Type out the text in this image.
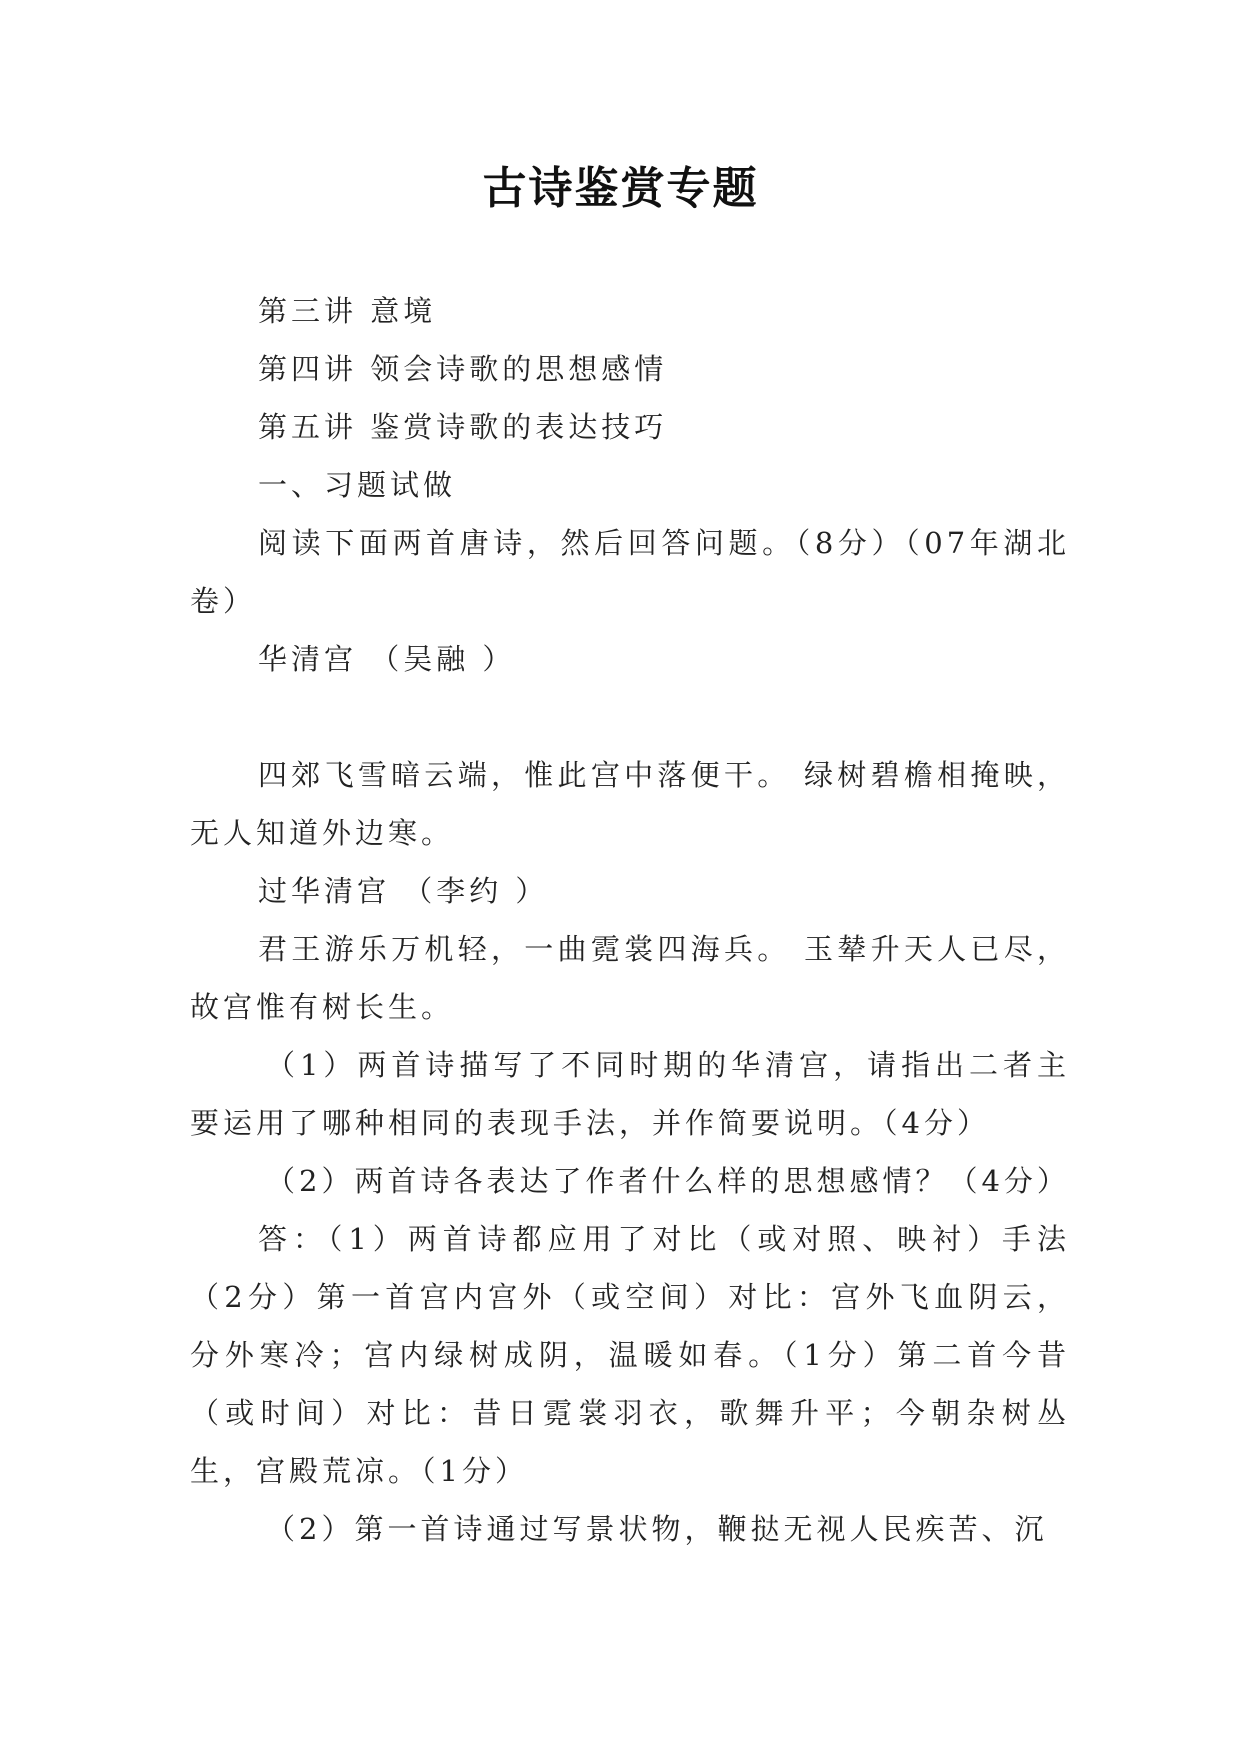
古诗鉴赏专题

第三讲 意境

第四讲 领会诗歌的思想感情

第五讲 鉴赏诗歌的表达技巧

一、习题试做

阅读下面两首唐诗，然后回答问题。（8分）（07年湖北卷）

华清宫 （吴融 ）

四郊飞雪暗云端，惟此宫中落便干。 绿树碧檐相掩映，无人知道外边寒。

过华清宫 （李约 ）

君王游乐万机轻，一曲霓裳四海兵。 玉辇升天人已尽，故宫惟有树长生。

（1）两首诗描写了不同时期的华清宫，请指出二者主要运用了哪种相同的表现手法，并作简要说明。（4分）

（2）两首诗各表达了作者什么样的思想感情？（4分）

答：（1）两首诗都应用了对比（或对照、映衬）手法（2分）第一首宫内宫外（或空间）对比：宫外飞血阴云，分外寒冷；宫内绿树成阴，温暖如春。（1分）第二首今昔（或时间）对比：昔日霓裳羽衣，歌舞升平；今朝杂树丛生，宫殿荒凉。（1分）

（2）第一首诗通过写景状物，鞭挞无视人民疾苦、沉
